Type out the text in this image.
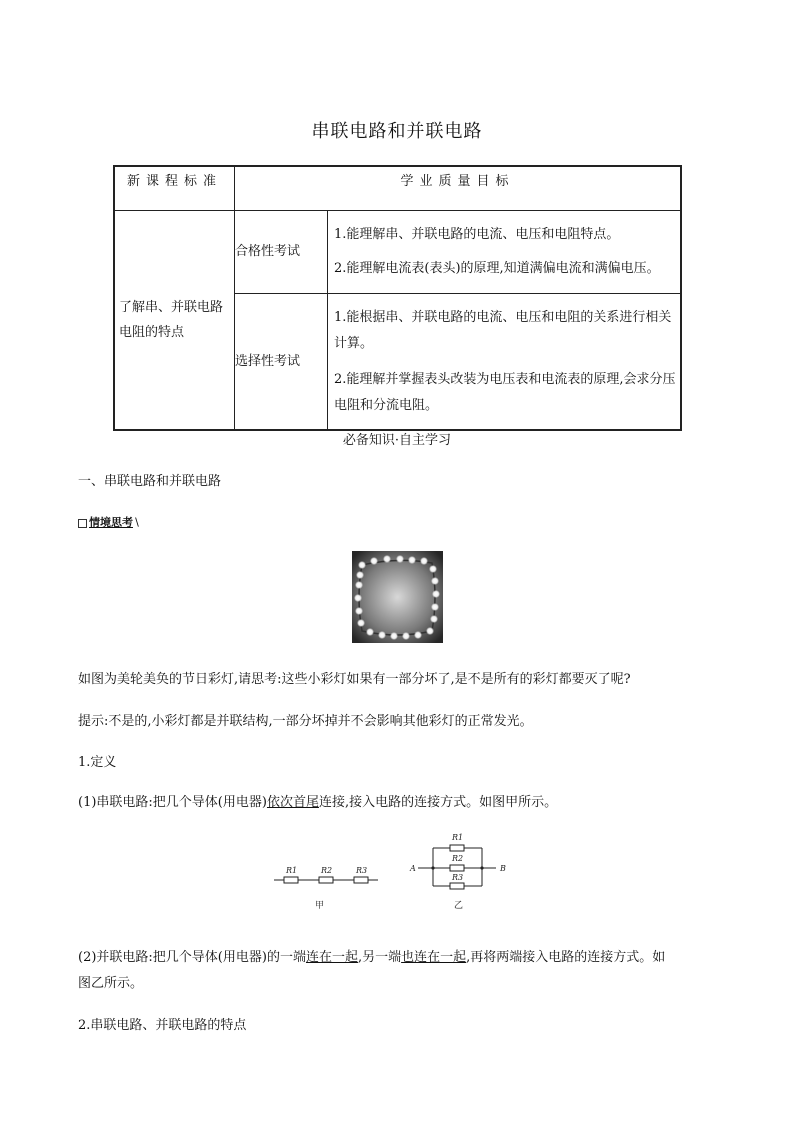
串联电路和并联电路
新课程标准	学业质量目标	

了解串、并联电路电阻的特点	合格性考试	1.能理解串、并联电路的电流、电压和电阻特点。

2.能理解电流表(表头)的原理,知道满偏电流和满偏电压。

	选择性考试	1.能根据串、并联电路的电流、电压和电阻的关系进行相关计算。

2.能理解并掌握表头改装为电压表和电流表的原理,会求分压电阻和分流电阻。

必备知识·自主学习
一、串联电路和并联电路
情境思考∖
如图为美轮美奂的节日彩灯,请思考:这些小彩灯如果有一部分坏了,是不是所有的彩灯都要灭了呢?
提示:不是的,小彩灯都是并联结构,一部分坏掉并不会影响其他彩灯的正常发光。
1.定义
(1)串联电路:把几个导体(用电器)依次首尾连接,接入电路的连接方式。如图甲所示。
R1	R2	R3
甲
R1
R2
R3
A	B
乙
(2)并联电路:把几个导体(用电器)的一端连在一起,另一端也连在一起,再将两端接入电路的连接方式。如
图乙所示。
2.串联电路、并联电路的特点
